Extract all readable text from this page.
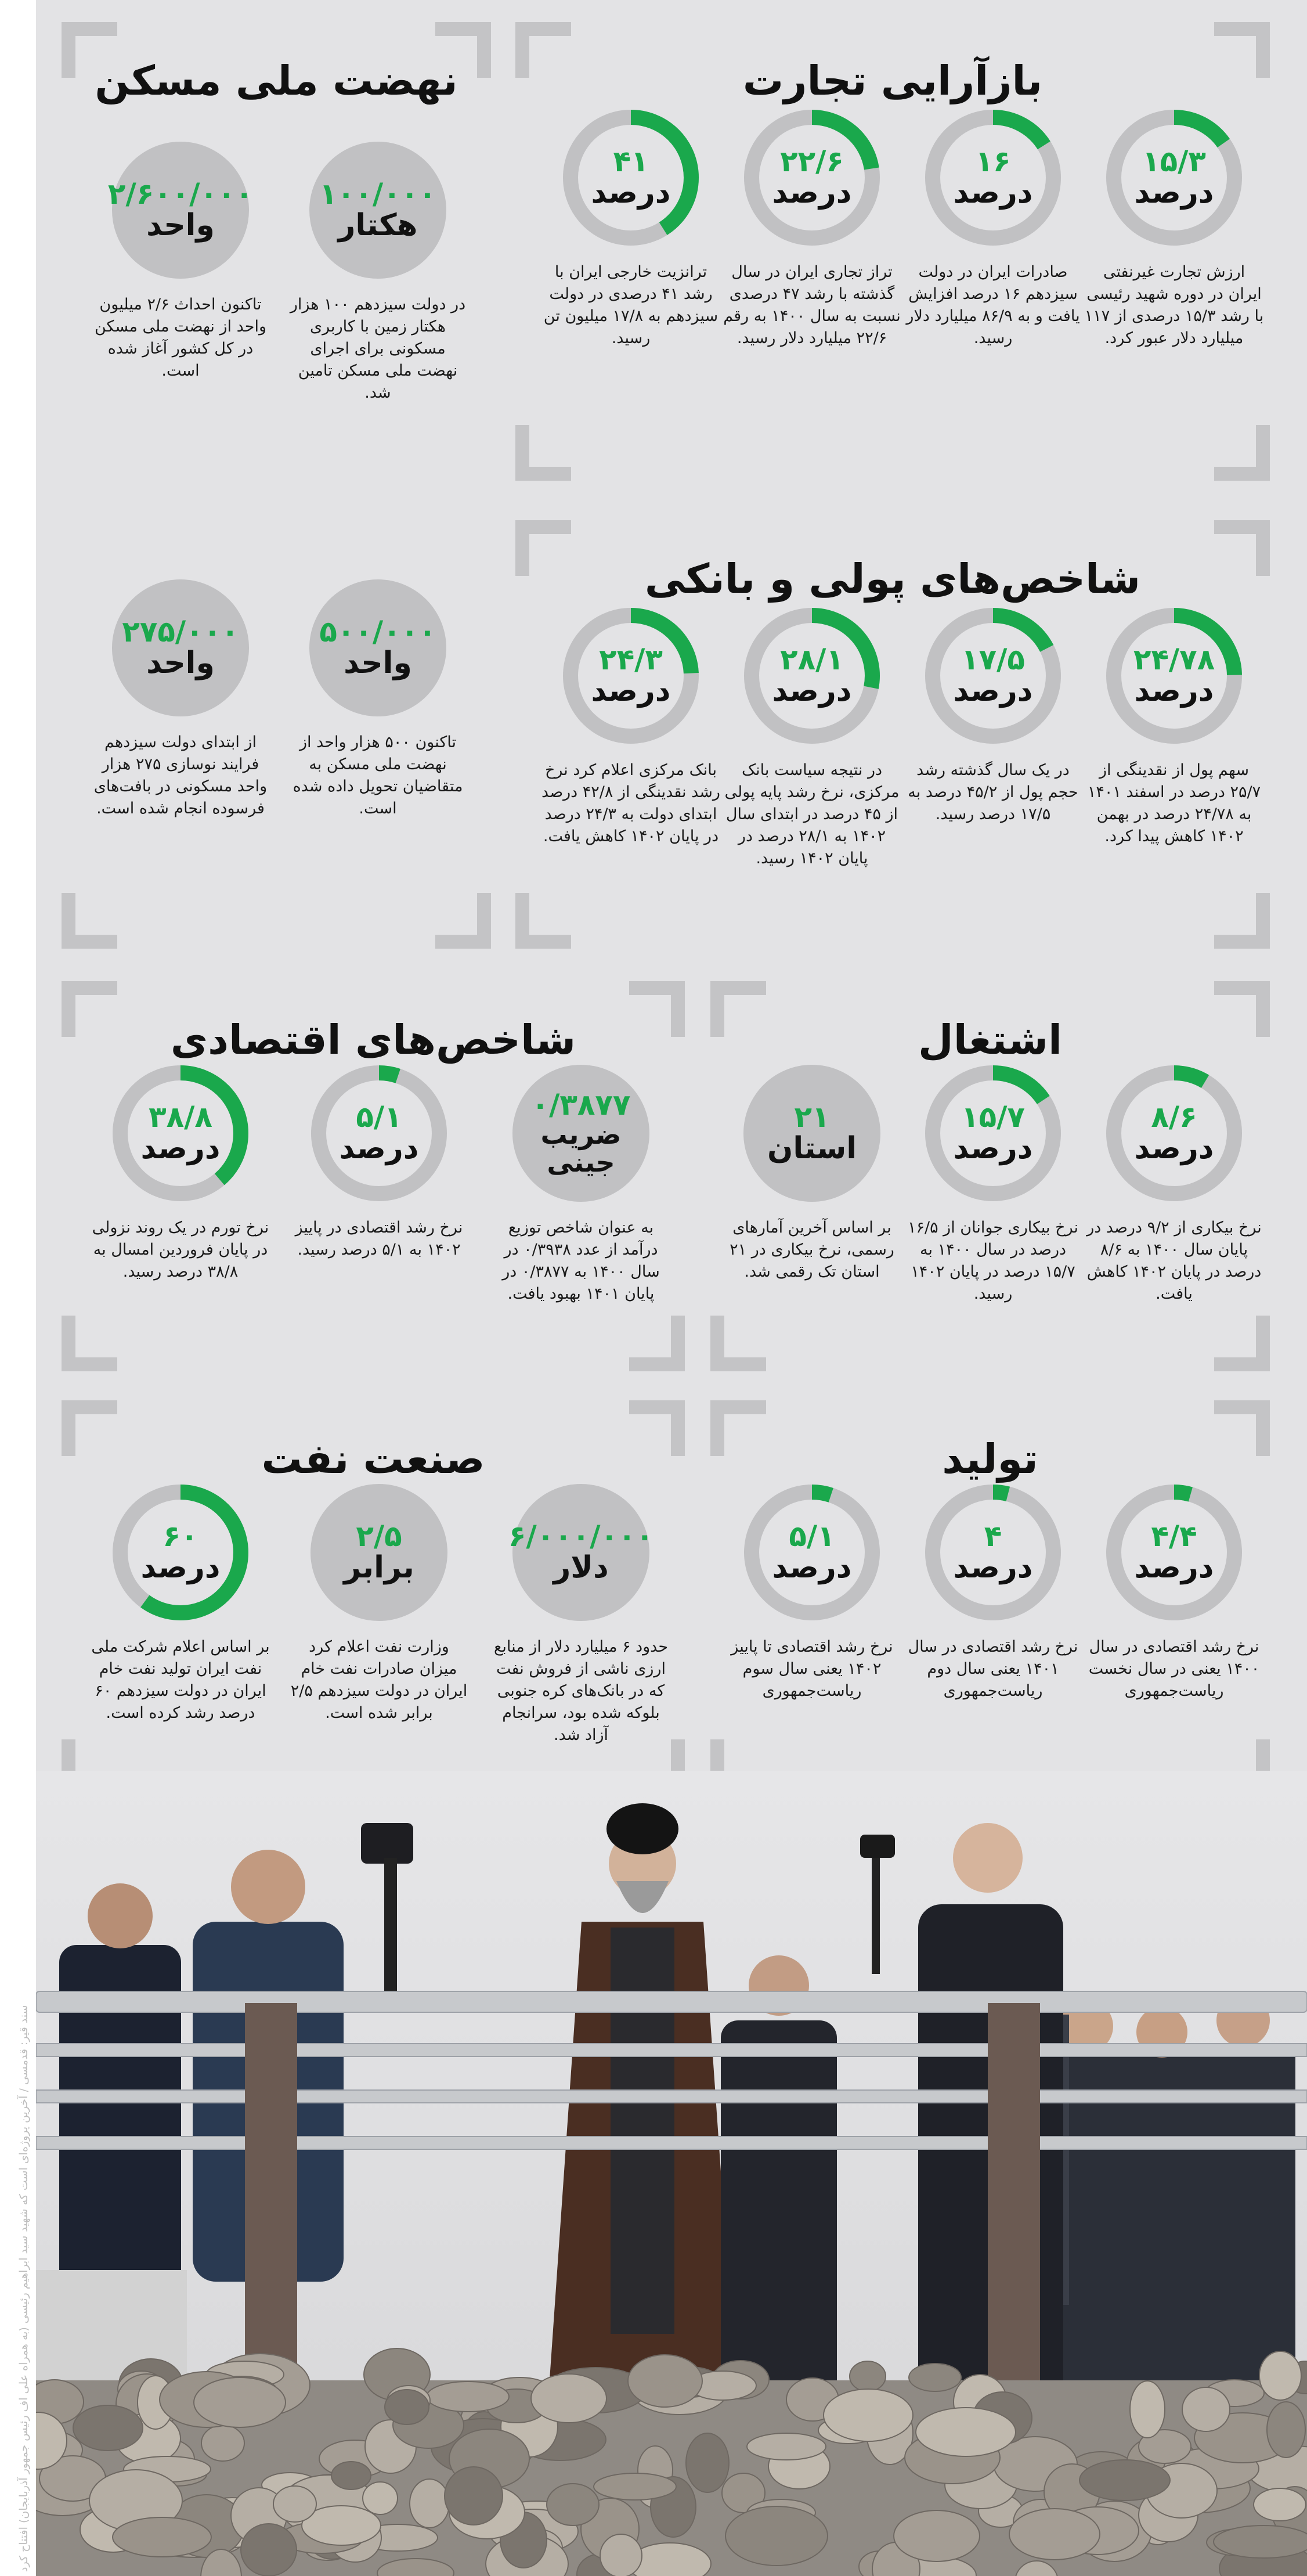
بازآرایی تجارت
۱۵/۳
درصد
ارزش تجارت غیرنفتی ایران در دوره شهید رئیسی با رشد ۱۵/۳ درصدی از ۱۱۷ میلیارد دلار عبور کرد.
۱۶
درصد
صادرات ایران در دولت سیزدهم ۱۶ درصد افزایش یافت و به ۸۶/۹ میلیارد دلار رسید.
۲۲/۶
درصد
تراز تجاری ایران در سال گذشته با رشد ۴۷ درصدی نسبت به سال ۱۴۰۰ به رقم ۲۲/۶ میلیارد دلار رسید.
۴۱
درصد
ترانزیت خارجی ایران با رشد ۴۱ درصدی در دولت سیزدهم به ۱۷/۸ میلیون تن رسید.
نهضت ملی مسکن
۱۰۰/۰۰۰
هکتار
در دولت سیزدهم ۱۰۰ هزار هکتار زمین با کاربری مسکونی برای اجرای نهضت ملی مسکن تامین شد.
۲/۶۰۰/۰۰۰
واحد
تاکنون احداث ۲/۶ میلیون واحد از نهضت ملی مسکن در کل کشور آغاز شده است.
۵۰۰/۰۰۰
واحد
تاکنون ۵۰۰ هزار واحد از نهضت ملی مسکن به متقاضیان تحویل داده شده است.
۲۷۵/۰۰۰
واحد
از ابتدای دولت سیزدهم فرایند نوسازی ۲۷۵ هزار واحد مسکونی در بافت‌های فرسوده انجام شده است.
شاخص‌های پولی و بانکی
۲۴/۷۸
درصد
سهم پول از نقدینگی از ۲۵/۷ درصد در اسفند ۱۴۰۱ به ۲۴/۷۸ درصد در بهمن ۱۴۰۲ کاهش پیدا کرد.
۱۷/۵
درصد
در یک سال گذشته رشد حجم پول از ۴۵/۲ درصد به ۱۷/۵ درصد رسید.
۲۸/۱
درصد
در نتیجه سیاست بانک مرکزی، نرخ رشد پایه پولی از ۴۵ درصد در ابتدای سال ۱۴۰۲ به ۲۸/۱ درصد در پایان ۱۴۰۲ رسید.
۲۴/۳
درصد
بانک مرکزی اعلام کرد نرخ رشد نقدینگی از ۴۲/۸ درصد ابتدای دولت به ۲۴/۳ درصد در پایان ۱۴۰۲ کاهش یافت.
اشتغال
۸/۶
درصد
نرخ بیکاری از ۹/۲ درصد در پایان سال ۱۴۰۰ به ۸/۶ درصد در پایان ۱۴۰۲ کاهش یافت.
۱۵/۷
درصد
نرخ بیکاری جوانان از ۱۶/۵ درصد در سال ۱۴۰۰ به ۱۵/۷ درصد در پایان ۱۴۰۲ رسید.
۲۱
استان
بر اساس آخرین آمارهای رسمی، نرخ بیکاری در ۲۱ استان تک رقمی شد.
شاخص‌های اقتصادی
۰/۳۸۷۷
ضریب جینی
به عنوان شاخص توزیع درآمد از عدد ۰/۳۹۳۸ در سال ۱۴۰۰ به ۰/۳۸۷۷ در پایان ۱۴۰۱ بهبود یافت.
۵/۱
درصد
نرخ رشد اقتصادی در پاییز ۱۴۰۲ به ۵/۱ درصد رسید.
۳۸/۸
درصد
نرخ تورم در یک روند نزولی در پایان فروردین امسال به ۳۸/۸ درصد رسید.
تولید
۴/۴
درصد
نرخ رشد اقتصادی در سال ۱۴۰۰ یعنی در سال نخست ریاست‌جمهوری
۴
درصد
نرخ رشد اقتصادی در سال ۱۴۰۱ یعنی سال دوم ریاست‌جمهوری
۵/۱
درصد
نرخ رشد اقتصادی تا پاییز ۱۴۰۲ یعنی سال سوم ریاست‌جمهوری
صنعت نفت
۶/۰۰۰/۰۰۰
دلار
حدود ۶ میلیارد دلار از منابع ارزی ناشی از فروش نفت که در بانک‌های کره جنوبی بلوکه شده بود، سرانجام آزاد شد.
۲/۵
برابر
وزارت نفت اعلام کرد میزان صادرات نفت خام ایران در دولت سیزدهم ۲/۵ برابر شده است.
۶۰
درصد
بر اساس اعلام شرکت ملی نفت ایران تولید نفت خام ایران در دولت سیزدهم ۶۰ درصد رشد کرده است.
سند قیر: قدمسی / آخرین پروژه‌ای است که شهید سید ابراهیم رئیسی (به همراه علی اف رئیس جمهور آذربایجان) افتتاح کرد
